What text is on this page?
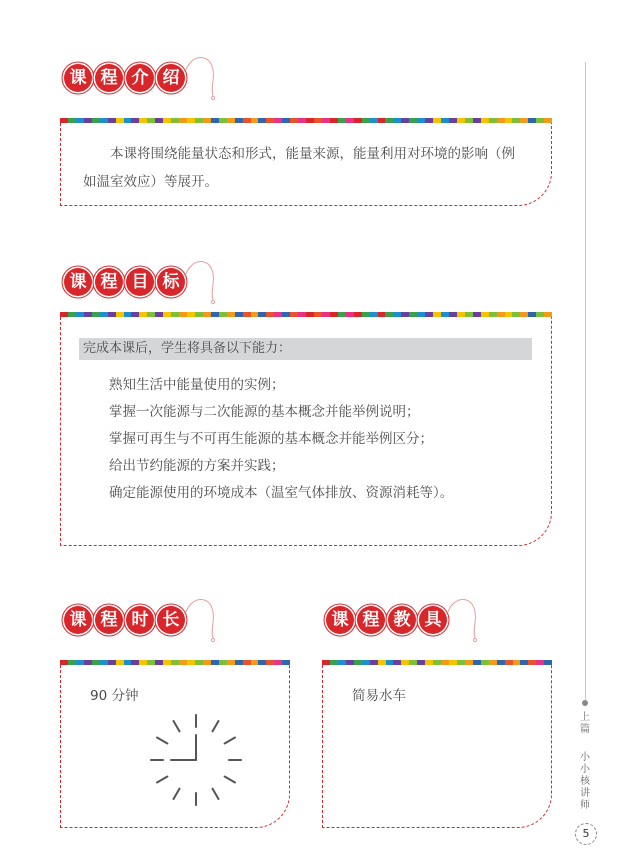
课 程 介 绍
本课将围绕能量状态和形式，能量来源，能量利用对环境的影响（例
如温室效应）等展开。
课 程 目 标
完成本课后，学生将具备以下能力：
熟知生活中能量使用的实例；
掌握一次能源与二次能源的基本概念并能举例说明；
掌握可再生与不可再生能源的基本概念并能举例区分；
给出节约能源的方案并实践；
确定能源使用的环境成本（温室气体排放、资源消耗等）。
课 程 时 长
90 分钟
课 程 教 具
简易水车
上篇
小小核讲师
5
